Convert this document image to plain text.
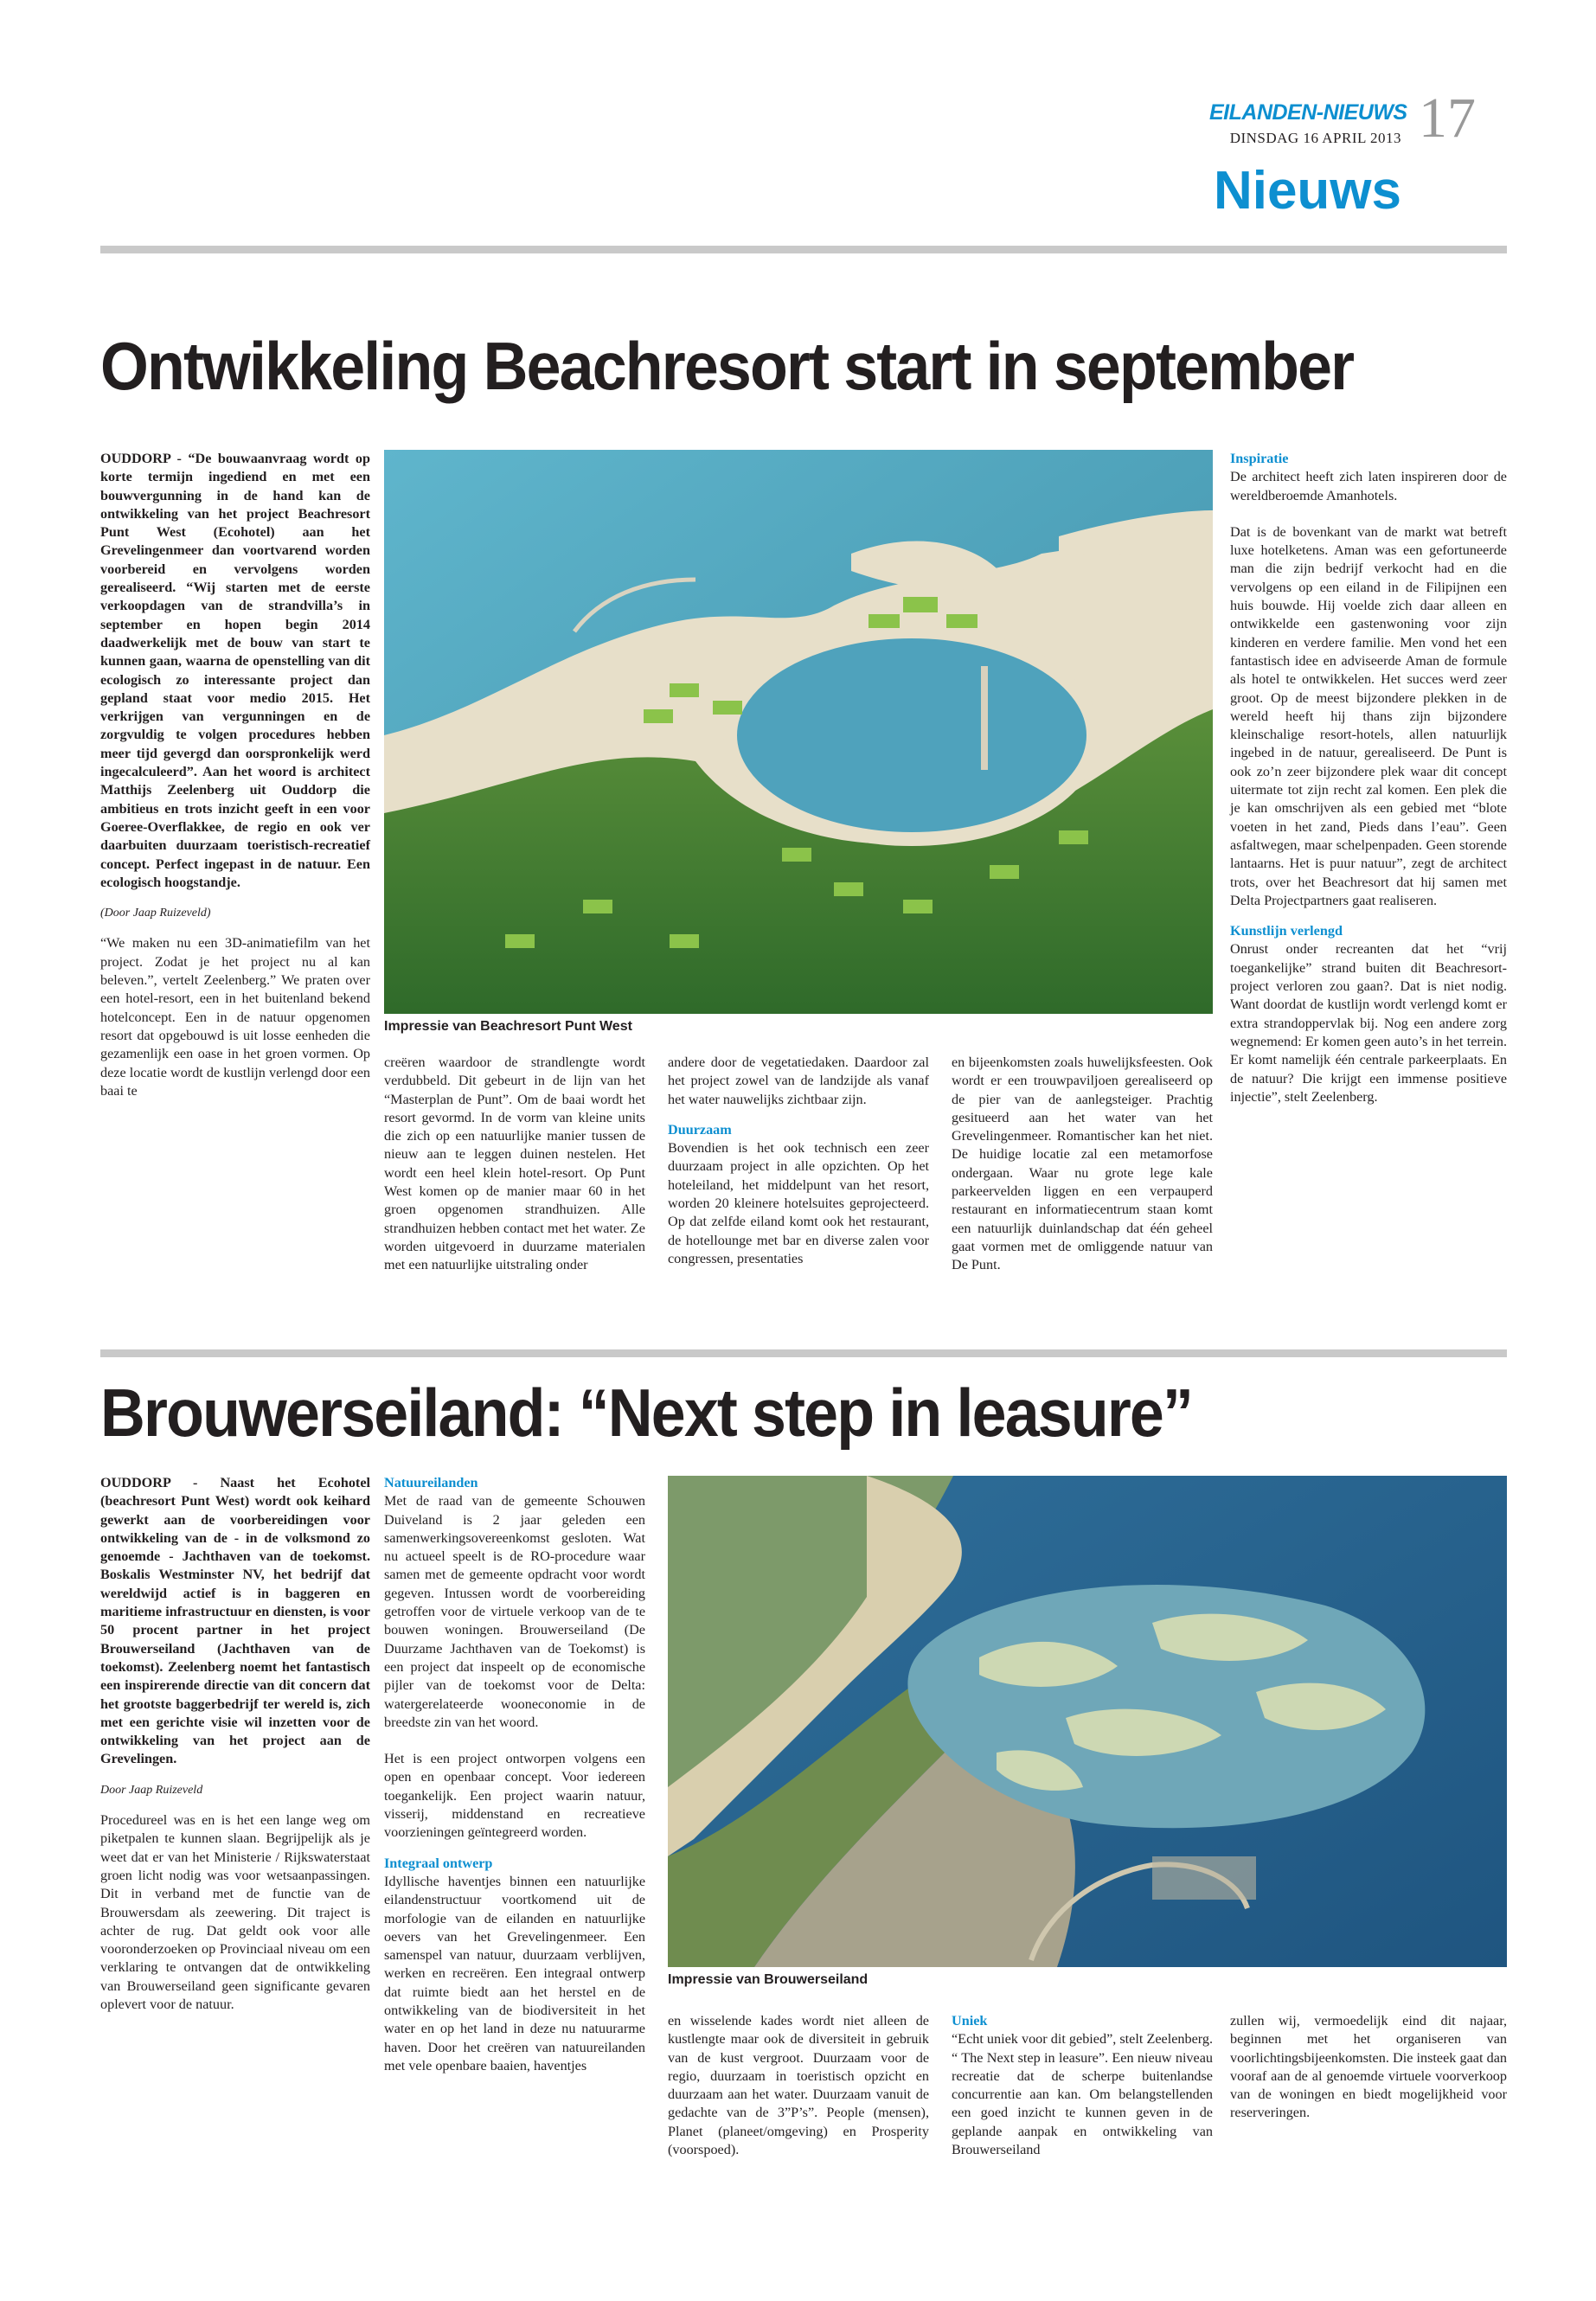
EILANDEN-NIEUWS
DINSDAG 16 APRIL 2013 17
Nieuws
Ontwikkeling Beachresort start in september

OUDDORP - “De bouwaanvraag wordt op korte termijn ingediend en met een bouwvergunning in de hand kan de ontwikkeling van het project Beachresort Punt West (Ecohotel) aan het Grevelingenmeer dan voortvarend worden voorbereid en vervolgens worden gerealiseerd. “Wij starten met de eerste verkoopdagen van de strandvilla’s in september en hopen begin 2014 daadwerkelijk met de bouw van start te kunnen gaan, waarna de openstelling van dit ecologisch zo interessante project dan gepland staat voor medio 2015. Het verkrijgen van vergunningen en de zorgvuldig te volgen procedures hebben meer tijd gevergd dan oorspronkelijk werd ingecalculeerd”. Aan het woord is architect Matthijs Zeelenberg uit Ouddorp die ambitieus en trots inzicht geeft in een voor Goeree-Overflakkee, de regio en ook ver daarbuiten duurzaam toeristisch-recreatief concept. Perfect ingepast in de natuur. Een ecologisch hoogstandje.

(Door Jaap Ruizeveld)

“We maken nu een 3D-animatiefilm van het project. Zodat je het project nu al kan beleven.”, vertelt Zeelenberg.” We praten over een hotel-resort, een in het buitenland bekend hotelconcept. Een in de natuur opgenomen resort dat opgebouwd is uit losse eenheden die gezamenlijk een oase in het groen vormen. Op deze locatie wordt de kustlijn verlengd door een baai te

Impressie van Beachresort Punt West

Inspiratie

De architect heeft zich laten inspireren door de wereldberoemde Amanhotels.

Dat is de bovenkant van de markt wat betreft luxe hotelketens. Aman was een gefortuneerde man die zijn bedrijf verkocht had en die vervolgens op een eiland in de Filipijnen een huis bouwde. Hij voelde zich daar alleen en ontwikkelde een gastenwoning voor zijn kinderen en verdere familie. Men vond het een fantastisch idee en adviseerde Aman de formule als hotel te ontwikkelen. Het succes werd zeer groot. Op de meest bijzondere plekken in de wereld heeft hij thans zijn bijzondere kleinschalige resort-hotels, allen natuurlijk ingebed in de natuur, gerealiseerd. De Punt is ook zo’n zeer bijzondere plek waar dit concept uitermate tot zijn recht zal komen. Een plek die je kan omschrijven als een gebied met “blote voeten in het zand, Pieds dans l’eau”. Geen asfaltwegen, maar schelpenpaden. Geen storende lantaarns. Het is puur natuur”, zegt de architect trots, over het Beachresort dat hij samen met Delta Projectpartners gaat realiseren.

Kunstlijn verlengd

Onrust onder recreanten dat het “vrij toegankelijke” strand buiten dit Beachresort-project verloren zou gaan?. Dat is niet nodig. Want doordat de kustlijn wordt verlengd komt er extra strandoppervlak bij. Nog een andere zorg wegnemend: Er komen geen auto’s in het terrein. Er komt namelijk één centrale parkeerplaats. En de natuur? Die krijgt een immense positieve injectie”, stelt Zeelenberg.

creëren waardoor de strandlengte wordt verdubbeld. Dit gebeurt in de lijn van het “Masterplan de Punt”. Om de baai wordt het resort gevormd. In de vorm van kleine units die zich op een natuurlijke manier tussen de nieuw aan te leggen duinen nestelen. Het wordt een heel klein hotel-resort. Op Punt West komen op de manier maar 60 in het groen opgenomen strandhuizen. Alle strandhuizen hebben contact met het water. Ze worden uitgevoerd in duurzame materialen met een natuurlijke uitstraling onder

andere door de vegetatiedaken. Daardoor zal het project zowel van de landzijde als vanaf het water nauwelijks zichtbaar zijn.

Duurzaam

Bovendien is het ook technisch een zeer duurzaam project in alle opzichten. Op het hoteleiland, het middelpunt van het resort, worden 20 kleinere hotelsuites geprojecteerd. Op dat zelfde eiland komt ook het restaurant, de hotellounge met bar en diverse zalen voor congressen, presentaties

en bijeenkomsten zoals huwelijksfeesten. Ook wordt er een trouwpaviljoen gerealiseerd op de pier van de aanlegsteiger. Prachtig gesitueerd aan het water van het Grevelingenmeer. Romantischer kan het niet. De huidige locatie zal een metamorfose ondergaan. Waar nu grote lege kale parkeervelden liggen en een verpauperd restaurant en informatiecentrum staan komt een natuurlijk duinlandschap dat één geheel gaat vormen met de omliggende natuur van De Punt.

Brouwerseiland: “Next step in leasure”

OUDDORP - Naast het Ecohotel (beachresort Punt West) wordt ook keihard gewerkt aan de voorbereidingen voor ontwikkeling van de - in de volksmond zo genoemde - Jachthaven van de toekomst. Boskalis Westminster NV, het bedrijf dat wereldwijd actief is in baggeren en maritieme infrastructuur en diensten, is voor 50 procent partner in het project Brouwerseiland (Jachthaven van de toekomst). Zeelenberg noemt het fantastisch een inspirerende directie van dit concern dat het grootste baggerbedrijf ter wereld is, zich met een gerichte visie wil inzetten voor de ontwikkeling van het project aan de Grevelingen.

Door Jaap Ruizeveld

Procedureel was en is het een lange weg om piketpalen te kunnen slaan. Begrijpelijk als je weet dat er van het Ministerie / Rijkswaterstaat groen licht nodig was voor wetsaanpassingen. Dit in verband met de functie van de Brouwersdam als zeewering. Dit traject is achter de rug. Dat geldt ook voor alle vooronderzoeken op Provinciaal niveau om een verklaring te ontvangen dat de ontwikkeling van Brouwerseiland geen significante gevaren oplevert voor de natuur.

Natuureilanden

Met de raad van de gemeente Schouwen Duiveland is 2 jaar geleden een samenwerkingsovereenkomst gesloten. Wat nu actueel speelt is de RO-procedure waar samen met de gemeente opdracht voor wordt gegeven. Intussen wordt de voorbereiding getroffen voor de virtuele verkoop van de te bouwen woningen. Brouwerseiland (De Duurzame Jachthaven van de Toekomst) is een project dat inspeelt op de economische pijler van de toekomst voor de Delta: watergerelateerde wooneconomie in de breedste zin van het woord.

Het is een project ontworpen volgens een open en openbaar concept. Voor iedereen toegankelijk. Een project waarin natuur, visserij, middenstand en recreatieve voorzieningen geïntegreerd worden.

Integraal ontwerp

Idyllische haventjes binnen een natuurlijke eilandenstructuur voortkomend uit de morfologie van de eilanden en natuurlijke oevers van het Grevelingenmeer. Een samenspel van natuur, duurzaam verblijven, werken en recreëren. Een integraal ontwerp dat ruimte biedt aan het herstel en de ontwikkeling van de biodiversiteit in het water en op het land in deze nu natuurarme haven. Door het creëren van natuureilanden met vele openbare baaien, haventjes

Impressie van Brouwerseiland

en wisselende kades wordt niet alleen de kustlengte maar ook de diversiteit in gebruik van de kust vergroot. Duurzaam voor de regio, duurzaam in toeristisch opzicht en duurzaam aan het water. Duurzaam vanuit de gedachte van de 3”P’s”. People (mensen), Planet (planeet/omgeving) en Prosperity (voorspoed).

Uniek

“Echt uniek voor dit gebied”, stelt Zeelenberg. “ The Next step in leasure”. Een nieuw niveau recreatie dat de scherpe buitenlandse concurrentie aan kan. Om belangstellenden een goed inzicht te kunnen geven in de geplande aanpak en ontwikkeling van Brouwerseiland

zullen wij, vermoedelijk eind dit najaar, beginnen met het organiseren van voorlichtingsbijeenkomsten. Die insteek gaat dan vooraf aan de al genoemde virtuele voorverkoop van de woningen en biedt mogelijkheid voor reserveringen.
